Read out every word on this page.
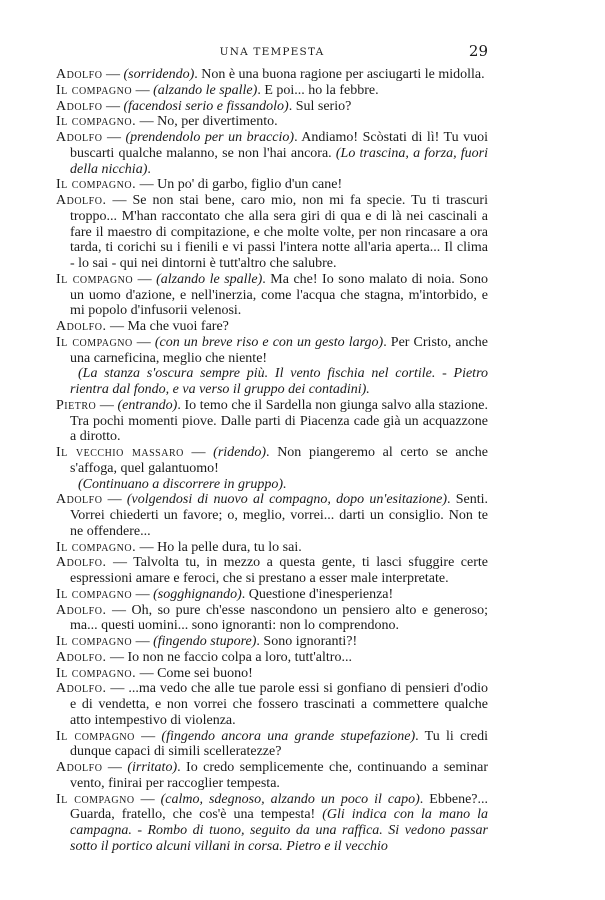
UNA TEMPESTA	29

Adolfo — (sorridendo). Non è una buona ragione per asciugarti le midolla.

Il compagno — (alzando le spalle). E poi... ho la febbre.

Adolfo — (facendosi serio e fissandolo). Sul serio?

Il compagno. — No, per divertimento.

Adolfo — (prendendolo per un braccio). Andiamo! Scòstati di lì! Tu vuoi buscarti qualche malanno, se non l'hai ancora. (Lo trascina, a forza, fuori della nicchia).

Il compagno. — Un po' di garbo, figlio d'un cane!

Adolfo. — Se non stai bene, caro mio, non mi fa specie. Tu ti trascuri troppo... M'han raccontato che alla sera giri di qua e di là nei cascinali a fare il maestro di compitazione, e che molte volte, per non rincasare a ora tarda, ti corichi su i fienili e vi passi l'intera notte all'aria aperta... Il clima - lo sai - qui nei dintorni è tutt'altro che salubre.

Il compagno — (alzando le spalle). Ma che! Io sono malato di noia. Sono un uomo d'azione, e nell'inerzia, come l'acqua che stagna, m'intorbido, e mi popolo d'infusorii velenosi.

Adolfo. — Ma che vuoi fare?

Il compagno — (con un breve riso e con un gesto largo). Per Cristo, anche una carneficina, meglio che niente!

(La stanza s'oscura sempre più. Il vento fischia nel cortile. - Pietro rientra dal fondo, e va verso il gruppo dei contadini).

Pietro — (entrando). Io temo che il Sardella non giunga salvo alla stazione. Tra pochi momenti piove. Dalle parti di Piacenza cade già un acquazzone a dirotto.

Il vecchio massaro — (ridendo). Non piangeremo al certo se anche s'affoga, quel galantuomo!

(Continuano a discorrere in gruppo).

Adolfo — (volgendosi di nuovo al compagno, dopo un'esitazione). Senti. Vorrei chiederti un favore; o, meglio, vorrei... darti un consiglio. Non te ne offendere...

Il compagno. — Ho la pelle dura, tu lo sai.

Adolfo. — Talvolta tu, in mezzo a questa gente, ti lasci sfuggire certe espressioni amare e feroci, che si prestano a esser male interpretate.

Il compagno — (sogghignando). Questione d'inesperienza!

Adolfo. — Oh, so pure ch'esse nascondono un pensiero alto e generoso; ma... questi uomini... sono ignoranti: non lo comprendono.

Il compagno — (fingendo stupore). Sono ignoranti?!

Adolfo. — Io non ne faccio colpa a loro, tutt'altro...

Il compagno. — Come sei buono!

Adolfo. — ...ma vedo che alle tue parole essi si gonfiano di pensieri d'odio e di vendetta, e non vorrei che fossero trascinati a commettere qualche atto intempestivo di violenza.

Il compagno — (fingendo ancora una grande stupefazione). Tu li credi dunque capaci di simili scelleratezze?

Adolfo — (irritato). Io credo semplicemente che, continuando a seminar vento, finirai per raccoglier tempesta.

Il compagno — (calmo, sdegnoso, alzando un poco il capo). Ebbene?... Guarda, fratello, che cos'è una tempesta! (Gli indica con la mano la campagna. - Rombo di tuono, seguito da una raffica. Si vedono passar sotto il portico alcuni villani in corsa. Pietro e il vecchio
